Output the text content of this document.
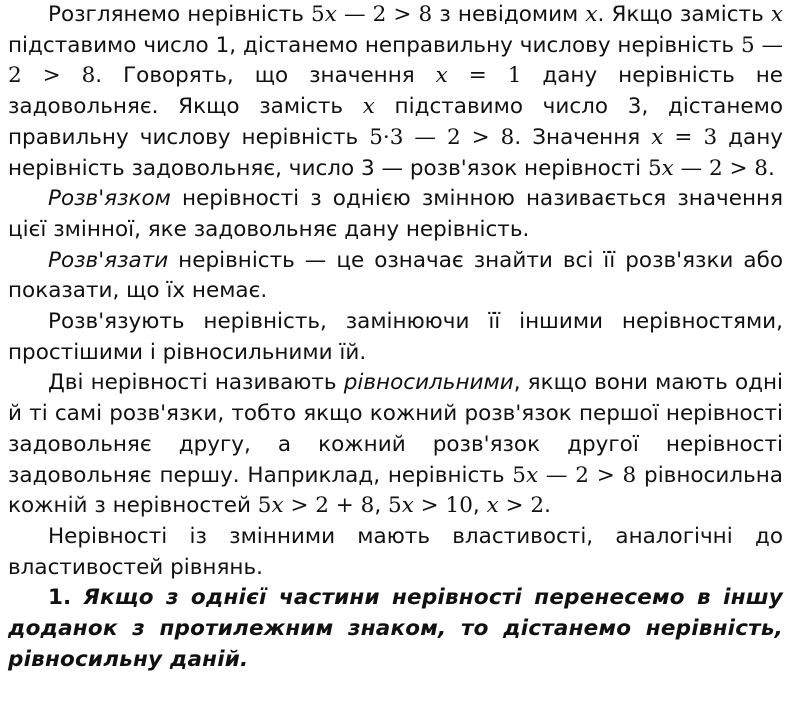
Розглянемо нерівність 5x — 2 > 8 з невідомим x. Якщо замість x підставимо число 1, дістанемо неправильну числову нерівність 5 — 2 > 8. Говорять, що значення x = 1 дану нерівність не задовольняє. Якщо замість x підставимо число 3, дістанемо правильну числову нерівність 5·3 — 2 > 8. Значення x = 3 дану нерівність задовольняє, число 3 — розв'язок нерівності 5x — 2 > 8.

Розв'язком нерівності з однією змінною називається значення цієї змінної, яке задовольняє дану нерівність.

Розв'язати нерівність — це означає знайти всі її розв'язки або показати, що їх немає.

Розв'язують нерівність, замінюючи її іншими нерівностями, простішими і рівносильними їй.

Дві нерівності називають рівносильними, якщо вони мають одні й ті самі розв'язки, тобто якщо кожний розв'язок першої нерівності задовольняє другу, а кожний розв'язок другої нерівності задовольняє першу. Наприклад, нерівність 5x — 2 > 8 рівносильна кожній з нерівностей 5x > 2 + 8, 5x > 10, x > 2.

Нерівності із змінними мають властивості, аналогічні до властивостей рівнянь.

1. Якщо з однієї частини нерівності перенесемо в іншу доданок з протилежним знаком, то дістанемо нерівність, рівносильну даній.
